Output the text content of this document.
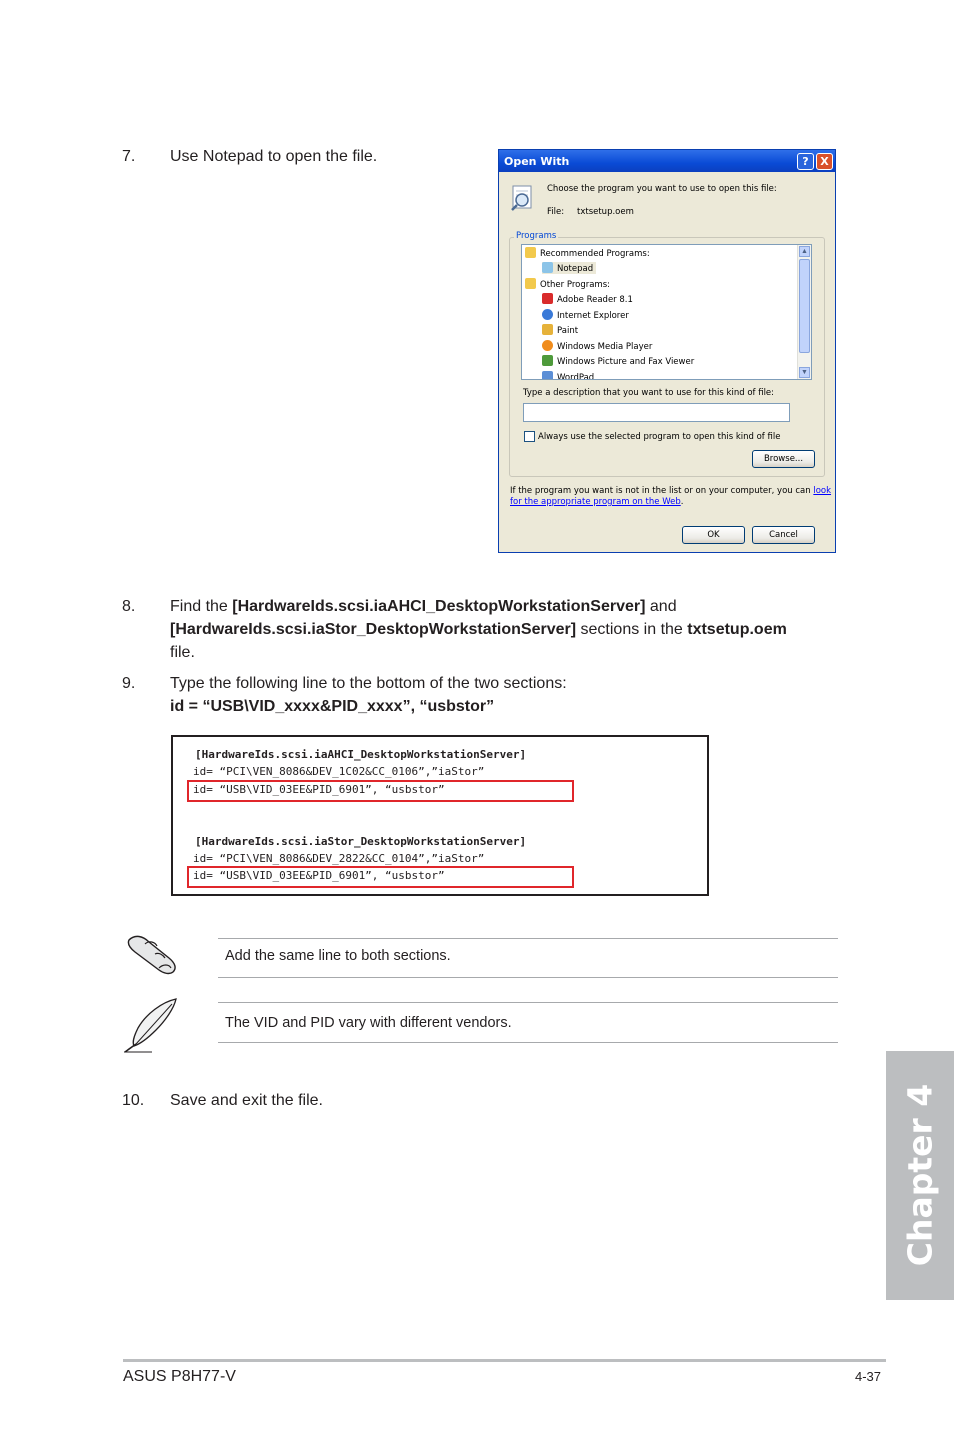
7. Use Notepad to open the file.	Open With	?	X
Choose the program you want to use to open this file:
File: txtsetup.oem
Programs
Recommended Programs:
Notepad
Other Programs:
Adobe Reader 8.1
Internet Explorer
Paint
Windows Media Player
Windows Picture and Fax Viewer
WordPad
▲
▼
Type a description that you want to use for this kind of file:
Always use the selected program to open this kind of file
Browse...
If the program you want is not in the list or on your computer, you can look
for the appropriate program on the Web.
OK	Cancel
8. Find the [HardwareIds.scsi.iaAHCI_DesktopWorkstationServer] and
[HardwareIds.scsi.iaStor_DesktopWorkstationServer] sections in the txtsetup.oem
file.
9. Type the following line to the bottom of the two sections:
id = “USB\VID_xxxx&PID_xxxx”, “usbstor”
[HardwareIds.scsi.iaAHCI_DesktopWorkstationServer]
id= “PCI\VEN_8086&DEV_1C02&CC_0106”,”iaStor”
id= “USB\VID_03EE&PID_6901”, “usbstor”
[HardwareIds.scsi.iaStor_DesktopWorkstationServer]
id= “PCI\VEN_8086&DEV_2822&CC_0104”,”iaStor”
id= “USB\VID_03EE&PID_6901”, “usbstor”
Add the same line to both sections.
The VID and PID vary with different vendors.
10. Save and exit the file.	Chapter 4
ASUS P8H77-V	4-37
